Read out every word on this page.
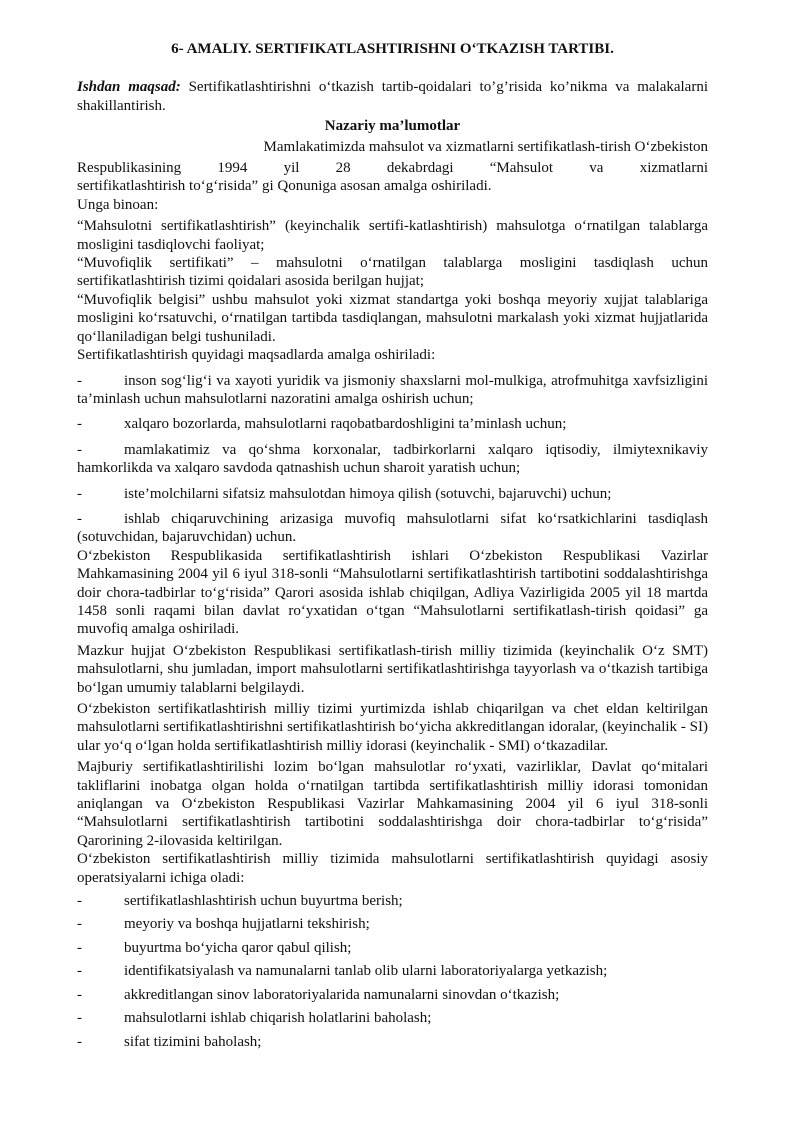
6- AMALIY. SERTIFIKATLASHTIRISHNI O‘TKAZISH TARTIBI.

Ishdan maqsad: Sertifikatlashtirishni o‘tkazish tartib-qoidalari to’g’risida ko’nikma va malakalarni shakillantirish.

Nazariy ma’lumotlar
Mamlakatimizda mahsulot va xizmatlarni sertifikatlash-tirish O‘zbekiston
Respublikasining 1994 yil 28 dekabrdagi “Mahsulot va xizmatlarni
sertifikatlashtirish to‘g‘risida” gi Qonuniga asosan amalga oshiriladi.
Unga binoan:

“Mahsulotni sertifikatlashtirish” (keyinchalik sertifi-katlashtirish) mahsulotga o‘rnatilgan talablarga mosligini tasdiqlovchi faoliyat;

“Muvofiqlik sertifikati” – mahsulotni o‘rnatilgan talablarga mosligini tasdiqlash uchun sertifikatlashtirish tizimi qoidalari asosida berilgan hujjat;

“Muvofiqlik belgisi” ushbu mahsulot yoki xizmat standartga yoki boshqa meyoriy xujjat talablariga mosligini ko‘rsatuvchi, o‘rnatilgan tartibda tasdiqlangan, mahsulotni markalash yoki xizmat hujjatlarida qo‘llaniladigan belgi tushuniladi.

Sertifikatlashtirish quyidagi maqsadlarda amalga oshiriladi:

-	inson sog‘lig‘i va xayoti yuridik va jismoniy shaxslarni mol-mulkiga, atrofmuhitga xavfsizligini ta’minlash uchun mahsulotlarni nazoratini amalga oshirish uchun;
-	xalqaro bozorlarda, mahsulotlarni raqobatbardoshligini ta’minlash uchun;
-	mamlakatimiz va qo‘shma korxonalar, tadbirkorlarni xalqaro iqtisodiy, ilmiytexnikaviy hamkorlikda va xalqaro savdoda qatnashish uchun sharoit yaratish uchun;
-	iste’molchilarni sifatsiz mahsulotdan himoya qilish (sotuvchi, bajaruvchi) uchun;
-	ishlab chiqaruvchining arizasiga muvofiq mahsulotlarni sifat ko‘rsatkichlarini tasdiqlash (sotuvchidan, bajaruvchidan) uchun.

O‘zbekiston Respublikasida sertifikatlashtirish ishlari O‘zbekiston Respublikasi Vazirlar Mahkamasining 2004 yil 6 iyul 318-sonli “Mahsulotlarni sertifikatlashtirish tartibotini soddalashtirishga doir chora-tadbirlar to‘g‘risida” Qarori asosida ishlab chiqilgan, Adliya Vazirligida 2005 yil 18 martda 1458 sonli raqami bilan davlat ro‘yxatidan o‘tgan “Mahsulotlarni sertifikatlash-tirish qoidasi” ga muvofiq amalga oshiriladi.

Mazkur hujjat O‘zbekiston Respublikasi sertifikatlash-tirish milliy tizimida (keyinchalik O‘z SMT) mahsulotlarni, shu jumladan, import mahsulotlarni sertifikatlashtirishga tayyorlash va o‘tkazish tartibiga bo‘lgan umumiy talablarni belgilaydi.

O‘zbekiston sertifikatlashtirish milliy tizimi yurtimizda ishlab chiqarilgan va chet eldan keltirilgan mahsulotlarni sertifikatlashtirishni sertifikatlashtirish bo‘yicha akkreditlangan idoralar, (keyinchalik - SI) ular yo‘q o‘lgan holda sertifikatlashtirish milliy idorasi (keyinchalik - SMI) o‘tkazadilar.

Majburiy sertifikatlashtirilishi lozim bo‘lgan mahsulotlar ro‘yxati, vazirliklar, Davlat qo‘mitalari takliflarini inobatga olgan holda o‘rnatilgan tartibda sertifikatlashtirish milliy idorasi tomonidan aniqlangan va O‘zbekiston Respublikasi Vazirlar Mahkamasining 2004 yil 6 iyul 318-sonli “Mahsulotlarni sertifikatlashtirish tartibotini soddalashtirishga doir chora-tadbirlar to‘g‘risida” Qarorining 2-ilovasida keltirilgan.

O‘zbekiston sertifikatlashtirish milliy tizimida mahsulotlarni sertifikatlashtirish quyidagi asosiy operatsiyalarni ichiga oladi:

-	sertifikatlashlashtirish uchun buyurtma berish;
-	meyoriy va boshqa hujjatlarni tekshirish;
-	buyurtma bo‘yicha qaror qabul qilish;
-	identifikatsiyalash va namunalarni tanlab olib ularni laboratoriyalarga yetkazish;
-	akkreditlangan sinov laboratoriyalarida namunalarni sinovdan o‘tkazish;
-	mahsulotlarni ishlab chiqarish holatlarini baholash;
-	sifat tizimini baholash;
